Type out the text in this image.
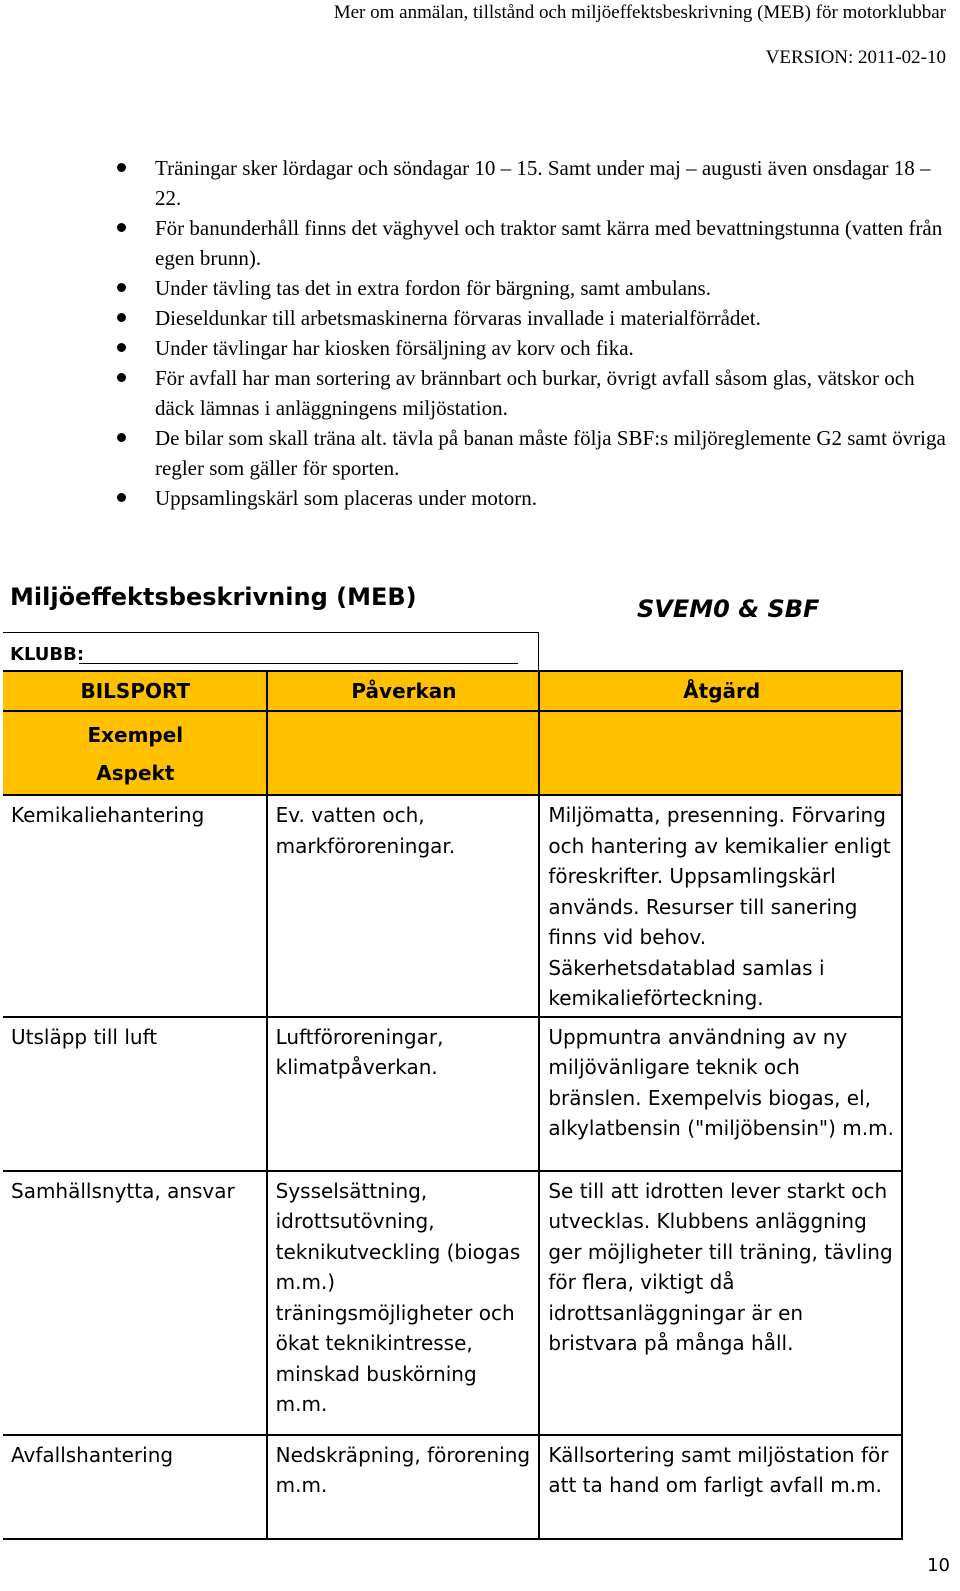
Mer om anmälan, tillstånd och miljöeffektsbeskrivning (MEB) för motorklubbar
VERSION: 2011-02-10
Träningar sker lördagar och söndagar 10 – 15. Samt under maj – augusti även onsdagar 18 – 22.
För banunderhåll finns det väghyvel och traktor samt kärra med bevattningstunna (vatten från egen brunn).
Under tävling tas det in extra fordon för bärgning, samt ambulans.
Dieseldunkar till arbetsmaskinerna förvaras invallade i materialförrådet.
Under tävlingar har kiosken försäljning av korv och fika.
För avfall har man sortering av brännbart och burkar, övrigt avfall såsom glas, vätskor och däck lämnas i anläggningens miljöstation.
De bilar som skall träna alt. tävla på banan måste följa SBF:s miljöreglemente G2 samt övriga regler som gäller för sporten.
Uppsamlingskärl som placeras under motorn.
Miljöeffektsbeskrivning (MEB)	SVEM0 & SBF
KLUBB:
BILSPORT	Påverkan	Åtgärd

Exempel
Aspekt		

Kemikaliehantering	Ev. vatten och, markföroreningar.	Miljömatta, presenning. Förvaring och hantering av kemikalier enligt föreskrifter. Uppsamlingskärl används. Resurser till sanering finns vid behov. Säkerhetsdatablad samlas i kemikalieförteckning.
Utsläpp till luft	Luftföroreningar, klimatpåverkan.	Uppmuntra användning av ny miljövänligare teknik och bränslen. Exempelvis biogas, el, alkylatbensin ("miljöbensin") m.m.
Samhällsnytta, ansvar	Sysselsättning, idrottsutövning, teknikutveckling (biogas m.m.) träningsmöjligheter och ökat teknikintresse, minskad buskörning m.m.	Se till att idrotten lever starkt och utvecklas. Klubbens anläggning ger möjligheter till träning, tävling för flera, viktigt då idrottsanläggningar är en bristvara på många håll.
Avfallshantering	Nedskräpning, förorening m.m.	Källsortering samt miljöstation för att ta hand om farligt avfall m.m.
10
